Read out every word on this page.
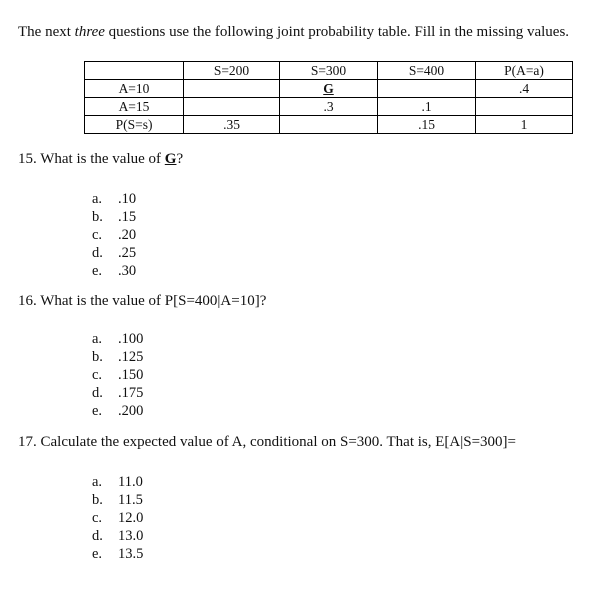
The next three questions use the following joint probability table. Fill in the missing values.
	S=200	S=300	S=400	P(A=a)
A=10		G		.4
A=15		.3	.1	
P(S=s)	.35		.15	1
15. What is the value of G?
a. .10
b. .15
c. .20
d. .25
e. .30
16. What is the value of P[S=400|A=10]?
a. .100
b. .125
c. .150
d. .175
e. .200
17. Calculate the expected value of A, conditional on S=300. That is, E[A|S=300]=
a. 11.0
b. 11.5
c. 12.0
d. 13.0
e. 13.5
